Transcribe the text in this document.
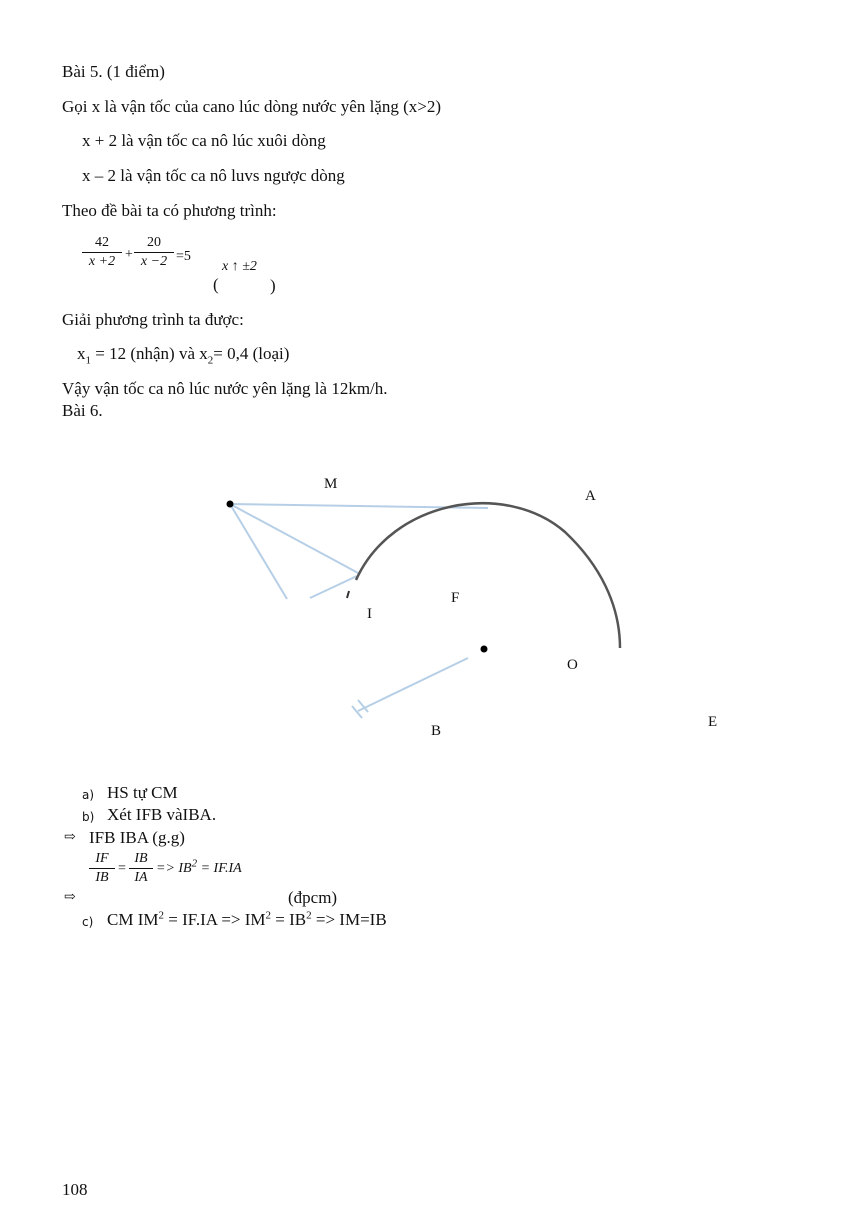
Bài 5. (1 điểm)
Gọi x là vận tốc của cano lúc dòng nước yên lặng (x>2)
x + 2 là vận tốc ca nô lúc xuôi dòng
x – 2 là vận tốc ca nô luvs ngược dòng
Theo đề bài ta có phương trình:
42
x +2 +
20
x −2 =5
x ↑ ±2
(	)
Giải phương trình ta được:
$x_1 = 12$ (nhận) và $x_2= 0,4$ (loại)
Vậy vận tốc ca nô lúc nước yên lặng là 12km/h.
Bài 6.
M
A
F
I
O
B
E
a) HS tự CM
b) Xét IFB vàIBA.
⇨ IFB IBA (g.g)
IF
IB
=
IB
IA
=> $IB^2 = IF.IA$
⇨	(đpcm)
c) CM $IM^2 = IF.IA => IM^2 = IB^2 => IM=IB$
108
